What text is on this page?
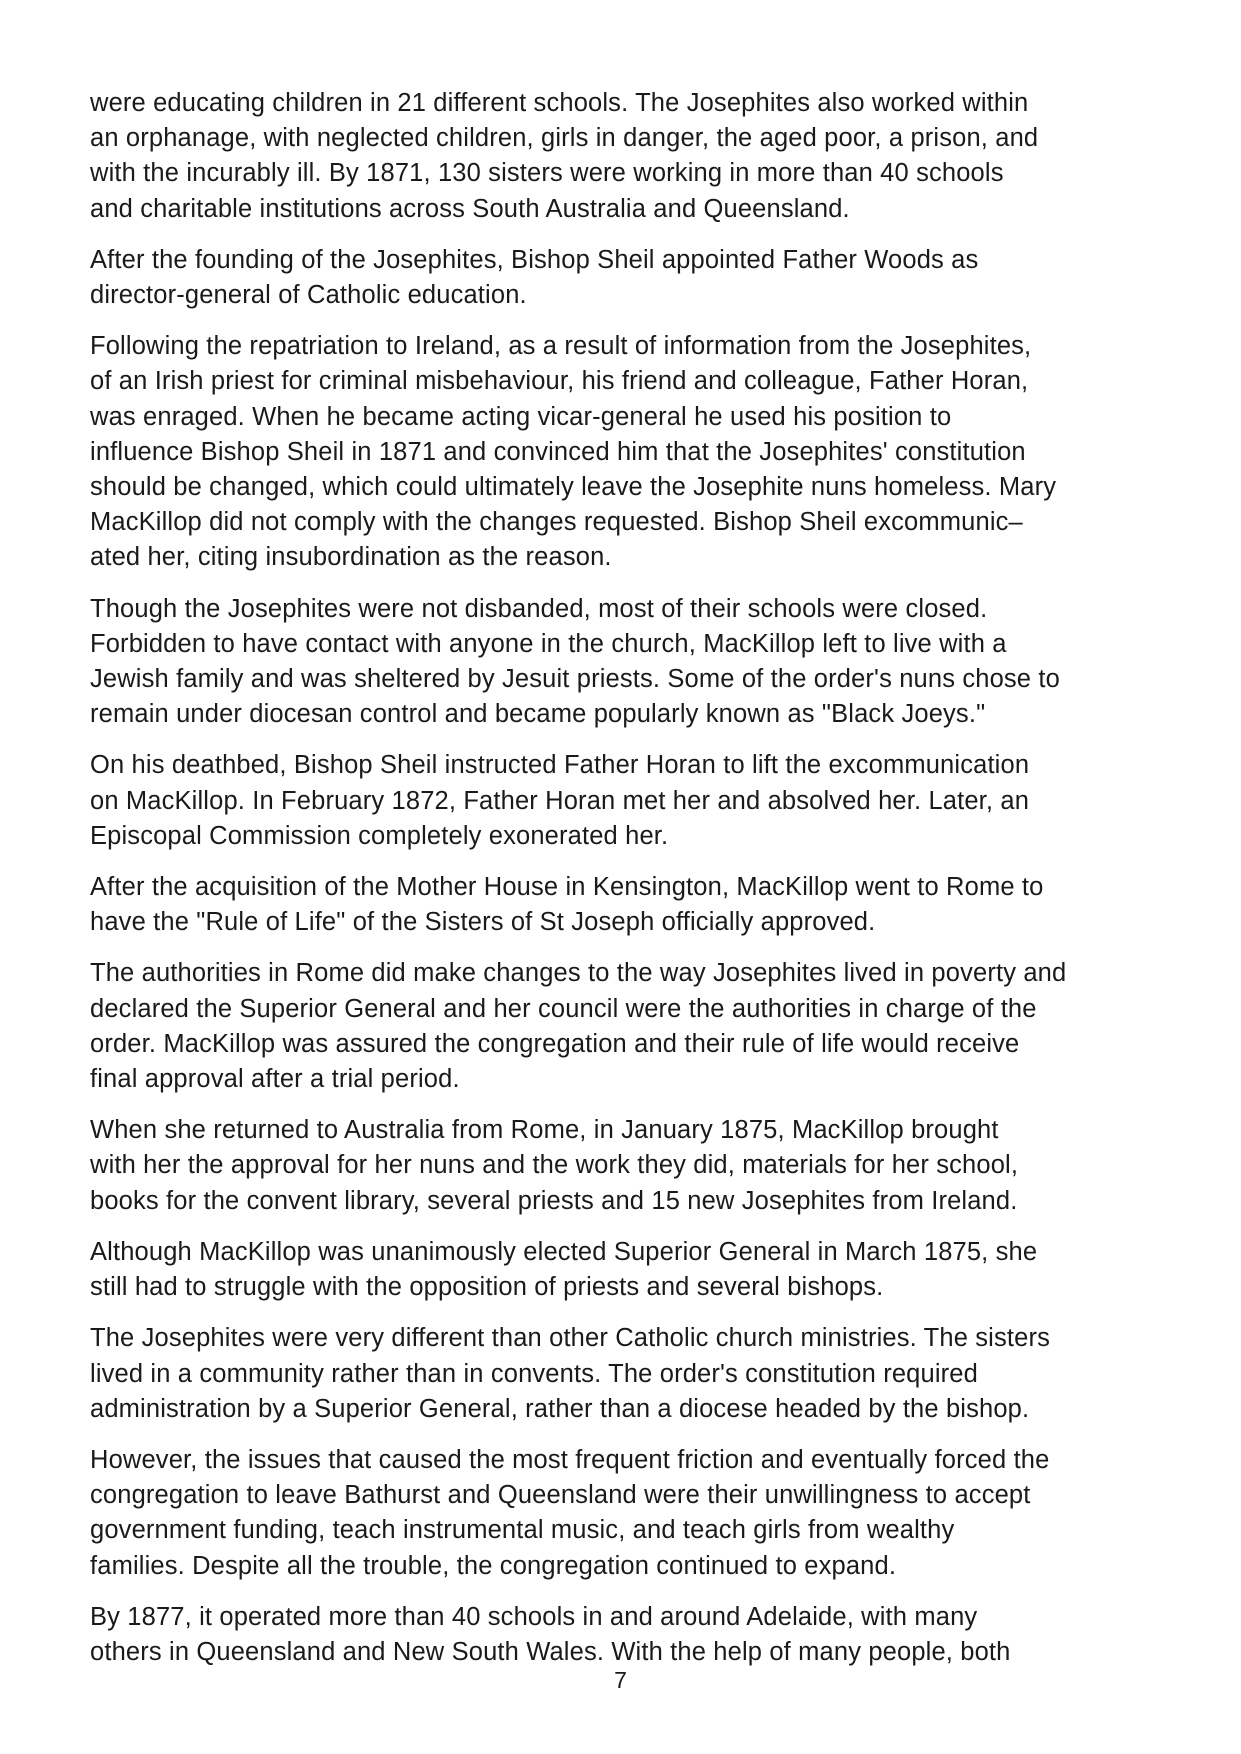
were educating children in 21 different schools. The Josephites also worked within
an orphanage, with neglected children, girls in danger, the aged poor, a prison, and
with the incurably ill. By 1871, 130 sisters were working in more than 40 schools
and charitable institutions across South Australia and Queensland.
After the founding of the Josephites, Bishop Sheil appointed Father Woods as
director-general of Catholic education.
Following the repatriation to Ireland, as a result of information from the Josephites,
of an Irish priest for criminal misbehaviour, his friend and colleague, Father Horan,
was enraged. When he became acting vicar-general he used his position to
influence Bishop Sheil in 1871 and convinced him that the Josephites' constitution
should be changed, which could ultimately leave the Josephite nuns homeless. Mary
MacKillop did not comply with the changes requested. Bishop Sheil excommunic–
ated her, citing insubordination as the reason.
Though the Josephites were not disbanded, most of their schools were closed.
Forbidden to have contact with anyone in the church, MacKillop left to live with a
Jewish family and was sheltered by Jesuit priests. Some of the order's nuns chose to
remain under diocesan control and became popularly known as "Black Joeys."
On his deathbed, Bishop Sheil instructed Father Horan to lift the excommunication
on MacKillop. In February 1872, Father Horan met her and absolved her. Later, an
Episcopal Commission completely exonerated her.
After the acquisition of the Mother House in Kensington, MacKillop went to Rome to
have the "Rule of Life" of the Sisters of St Joseph officially approved.
The authorities in Rome did make changes to the way Josephites lived in poverty and
declared the Superior General and her council were the authorities in charge of the
order. MacKillop was assured the congregation and their rule of life would receive
final approval after a trial period.
When she returned to Australia from Rome, in January 1875, MacKillop brought
with her the approval for her nuns and the work they did, materials for her school,
books for the convent library, several priests and 15 new Josephites from Ireland.
Although MacKillop was unanimously elected Superior General in March 1875, she
still had to struggle with the opposition of priests and several bishops.
The Josephites were very different than other Catholic church ministries. The sisters
lived in a community rather than in convents. The order's constitution required
administration by a Superior General, rather than a diocese headed by the bishop.
However, the issues that caused the most frequent friction and eventually forced the
congregation to leave Bathurst and Queensland were their unwillingness to accept
government funding, teach instrumental music, and teach girls from wealthy
families. Despite all the trouble, the congregation continued to expand.
By 1877, it operated more than 40 schools in and around Adelaide, with many
others in Queensland and New South Wales. With the help of many people, both
7
